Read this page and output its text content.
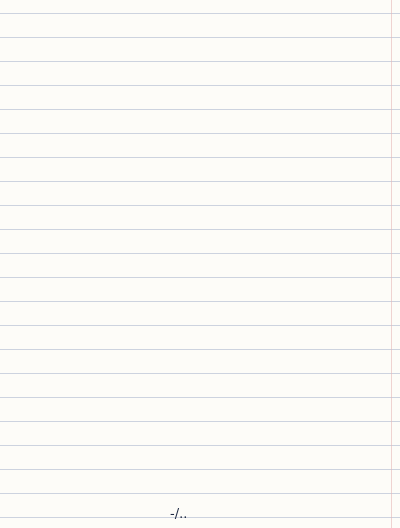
-/..
